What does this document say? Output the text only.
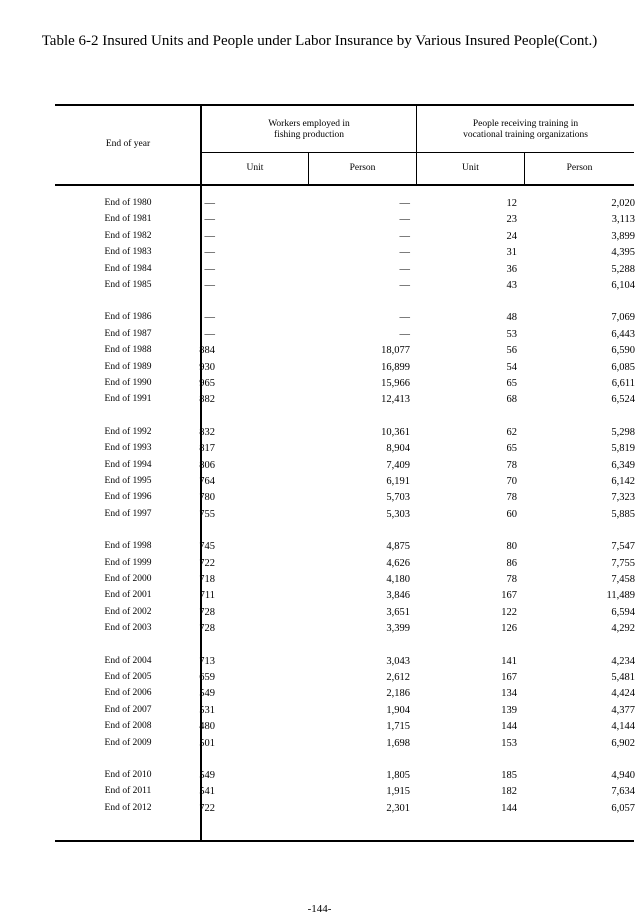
Table 6-2 Insured Units and People under Labor Insurance by Various Insured People(Cont.)
End of year
Workers employed in
fishing production
People receiving training in
vocational training organizations
Unit	Person	Unit	Person
End of 1980	—	—	12	2,020
End of 1981	—	—	23	3,113
End of 1982	—	—	24	3,899
End of 1983	—	—	31	4,395
End of 1984	—	—	36	5,288
End of 1985	—	—	43	6,104
End of 1986	—	—	48	7,069
End of 1987	—	—	53	6,443
End of 1988	884	18,077	56	6,590
End of 1989	930	16,899	54	6,085
End of 1990	965	15,966	65	6,611
End of 1991	882	12,413	68	6,524
End of 1992	832	10,361	62	5,298
End of 1993	817	8,904	65	5,819
End of 1994	806	7,409	78	6,349
End of 1995	764	6,191	70	6,142
End of 1996	780	5,703	78	7,323
End of 1997	755	5,303	60	5,885
End of 1998	745	4,875	80	7,547
End of 1999	722	4,626	86	7,755
End of 2000	718	4,180	78	7,458
End of 2001	711	3,846	167	11,489
End of 2002	728	3,651	122	6,594
End of 2003	728	3,399	126	4,292
End of 2004	713	3,043	141	4,234
End of 2005	659	2,612	167	5,481
End of 2006	549	2,186	134	4,424
End of 2007	531	1,904	139	4,377
End of 2008	480	1,715	144	4,144
End of 2009	501	1,698	153	6,902
End of 2010	549	1,805	185	4,940
End of 2011	541	1,915	182	7,634
End of 2012	722	2,301	144	6,057
-144-
